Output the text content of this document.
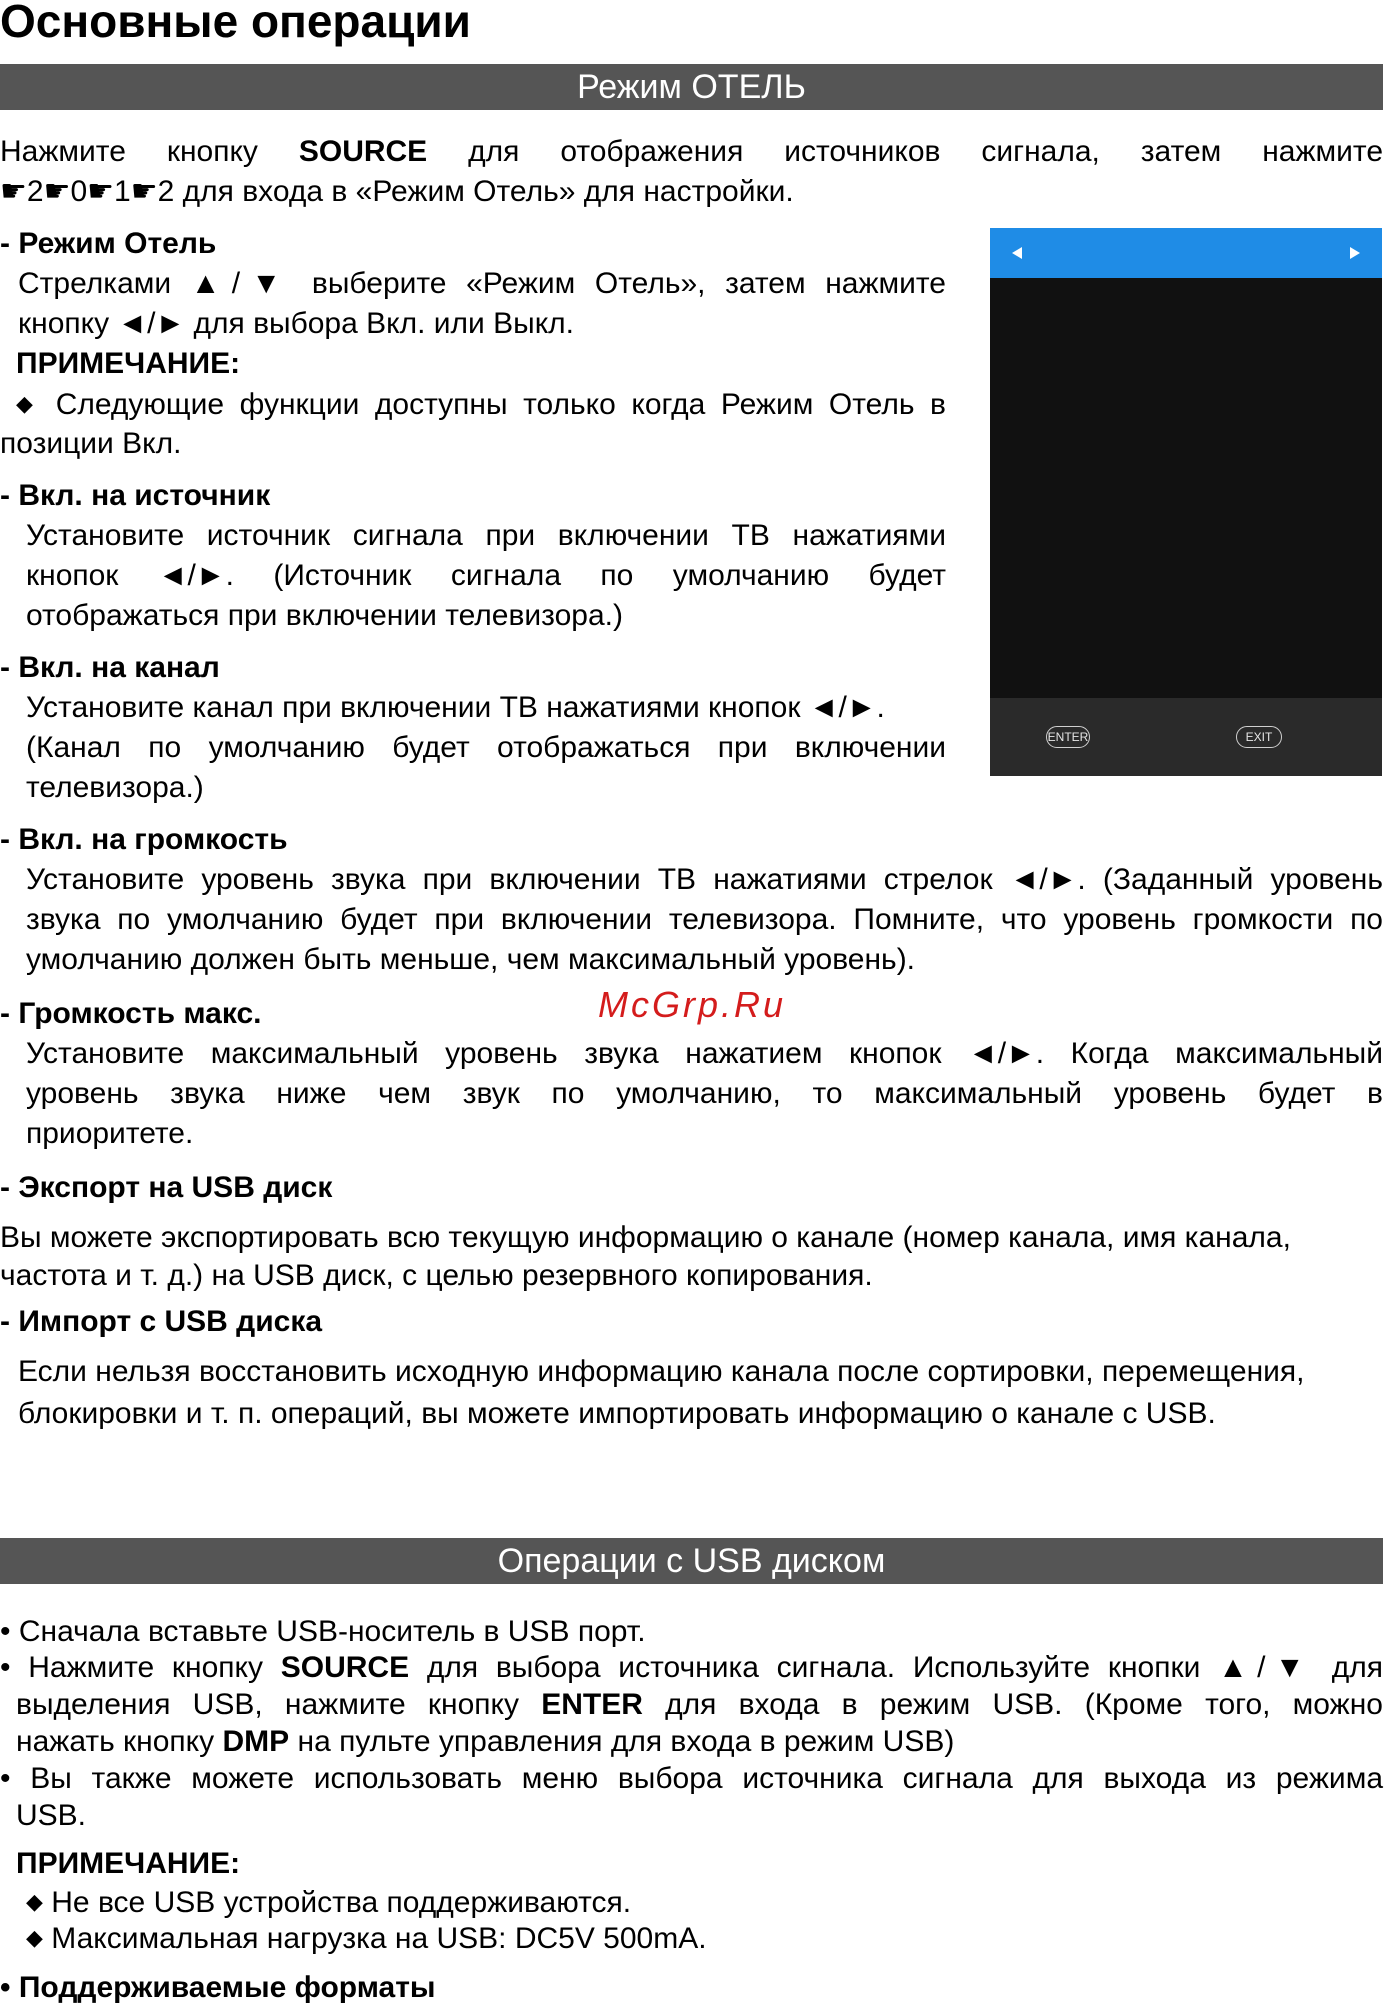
Основные операции
Режим ОТЕЛЬ
Нажмите кнопку SOURCE для отображения источников сигнала, затем нажмите
☛2☛0☛1☛2 для входа в «Режим Отель» для настройки.
- Режим Отель
Стрелками ▲/▼ выберите «Режим Отель», затем нажмите
кнопку ◄/► для выбора Вкл. или Выкл.
ПРИМЕЧАНИЕ:
◆ Следующие функции доступны только когда Режим Отель в
позиции Вкл.
- Вкл. на источник
Установите источник сигнала при включении ТВ нажатиями
кнопок ◄/►. (Источник сигнала по умолчанию будет
отображаться при включении телевизора.)
- Вкл. на канал
Установите канал при включении ТВ нажатиями кнопок ◄/►.
(Канал по умолчанию будет отображаться при включении
телевизора.)
ENTER	EXIT
- Вкл. на громкость
Установите уровень звука при включении ТВ нажатиями стрелок ◄/►. (Заданный уровень
звука по умолчанию будет при включении телевизора. Помните, что уровень громкости по
умолчанию должен быть меньше, чем максимальный уровень).
- Громкость макс.	McGrp.Ru
Установите максимальный уровень звука нажатием кнопок ◄/►. Когда максимальный
уровень звука ниже чем звук по умолчанию, то максимальный уровень будет в
приоритете.
- Экспорт на USB диск
Вы можете экспортировать всю текущую информацию о канале (номер канала, имя канала,
частота и т. д.) на USB диск, с целью резервного копирования.
- Импорт с USB диска
Если нельзя восстановить исходную информацию канала после сортировки, перемещения,
блокировки и т. п. операций, вы можете импортировать информацию о канале с USB.
Операции с USB диском
• Сначала вставьте USB-носитель в USB порт.
• Нажмите кнопку SOURCE для выбора источника сигнала. Используйте кнопки ▲/▼ для
выделения USB, нажмите кнопку ENTER для входа в режим USB. (Кроме того, можно
нажать кнопку DMP на пульте управления для входа в режим USB)
• Вы также можете использовать меню выбора источника сигнала для выхода из режима
USB.
ПРИМЕЧАНИЕ:
◆ Не все USB устройства поддерживаются.
◆ Максимальная нагрузка на USB: DC5V 500mA.
• Поддерживаемые форматы
